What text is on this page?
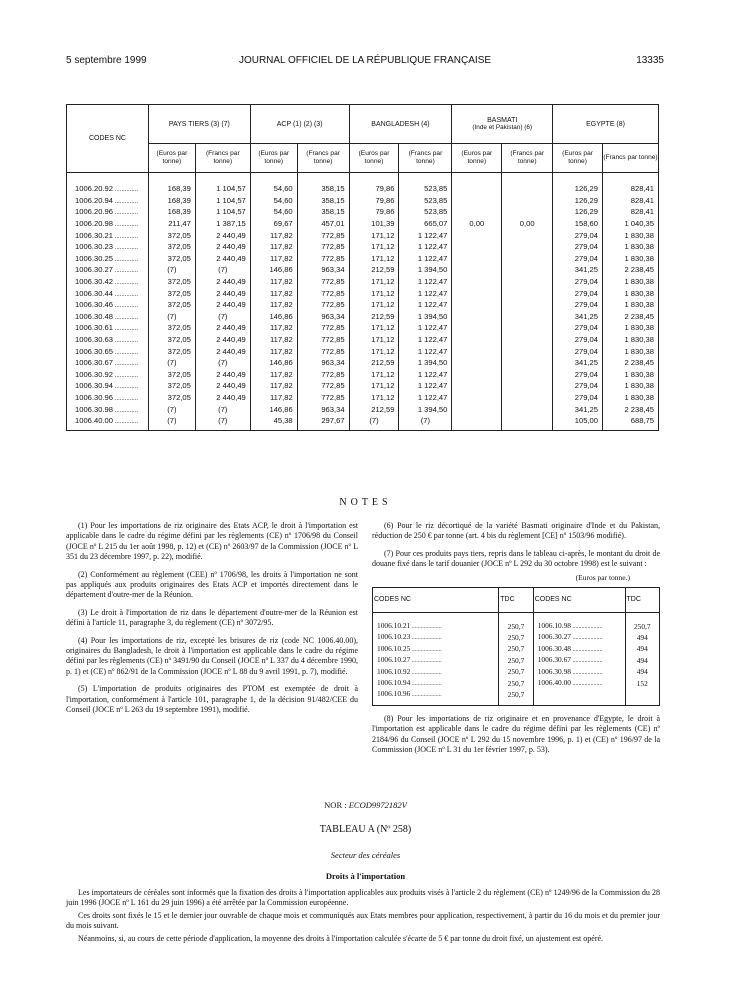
5 septembre 1999	JOURNAL OFFICIEL DE LA RÉPUBLIQUE FRANÇAISE	13335
CODES NC	PAYS TIERS (3) (7)		ACP (1) (2) (3)		BANGLADESH (4)		BASMATI
(Inde et Pakistan) (6)		EGYPTE (8)	
	(Euros par tonne)	(Francs par tonne)	(Euros par tonne)	(Francs par tonne)	(Euros par tonne)	(Francs par tonne)	(Euros par tonne)	(Francs par tonne)	(Euros par tonne)	(Francs par tonne)
1006.20.92 ..............	168,39	1 104,57	54,60	358,15	79,86	523,85			126,29	828,41
1006.20.94 ..............	168,39	1 104,57	54,60	358,15	79,86	523,85			126,29	828,41
1006.20.96 ..............	168,39	1 104,57	54,60	358,15	79,86	523,85			126,29	828,41
1006.20.98 ..............	211,47	1 387,15	69,67	457,01	101,39	665,07	0,00	0,00	158,60	1 040,35
1006.30.21 ..............	372,05	2 440,49	117,82	772,85	171,12	1 122,47			279,04	1 830,38
1006.30.23 ..............	372,05	2 440,49	117,82	772,85	171,12	1 122,47			279,04	1 830,38
1006.30.25 ..............	372,05	2 440,49	117,82	772,85	171,12	1 122,47			279,04	1 830,38
1006.30.27 ..............	(7)	(7)	146,86	963,34	212,59	1 394,50			341,25	2 238,45
1006.30.42 ..............	372,05	2 440,49	117,82	772,85	171,12	1 122,47			279,04	1 830,38
1006.30.44 ..............	372,05	2 440,49	117,82	772,85	171,12	1 122,47			279,04	1 830,38
1006.30.46 ..............	372,05	2 440,49	117,82	772,85	171,12	1 122,47			279,04	1 830,38
1006.30.48 ..............	(7)	(7)	146,86	963,34	212,59	1 394,50			341,25	2 238,45
1006.30.61 ..............	372,05	2 440,49	117,82	772,85	171,12	1 122,47			279,04	1 830,38
1006.30.63 ..............	372,05	2 440,49	117,82	772,85	171,12	1 122,47			279,04	1 830,38
1006.30.65 ..............	372,05	2 440,49	117,82	772,85	171,12	1 122,47			279,04	1 830,38
1006.30.67 ..............	(7)	(7)	146,86	963,34	212,59	1 394,50			341,25	2 238,45
1006.30.92 ..............	372,05	2 440,49	117,82	772,85	171,12	1 122,47			279,04	1 830,38
1006.30.94 ..............	372,05	2 440,49	117,82	772,85	171,12	1 122,47			279,04	1 830,38
1006.30.96 ..............	372,05	2 440,49	117,82	772,85	171,12	1 122,47			279,04	1 830,38
1006.30.98 ..............	(7)	(7)	146,86	963,34	212,59	1 394,50			341,25	2 238,45
1006.40.00 ..............	(7)	(7)	45,38	297,67	(7)	(7)			105,00	688,75
NOTES

(1) Pour les importations de riz originaire des Etats ACP, le droit à l'importation est applicable dans le cadre du régime défini par les règlements (CE) nº 1706/98 du Conseil (JOCE nº L 215 du 1er août 1998, p. 12) et (CE) nº 2603/97 de la Commission (JOCE nº L 351 du 23 décembre 1997, p. 22), modifié.

(2) Conformément au règlement (CEE) nº 1706/98, les droits à l'importation ne sont pas appliqués aux produits originaires des Etats ACP et importés directement dans le département d'outre-mer de la Réunion.

(3) Le droit à l'importation de riz dans le département d'outre-mer de la Réunion est défini à l'article 11, paragraphe 3, du règlement (CE) nº 3072/95.

(4) Pour les importations de riz, excepté les brisures de riz (code NC 1006.40.00), originaires du Bangladesh, le droit à l'importation est applicable dans le cadre du régime défini par les règlements (CE) nº 3491/90 du Conseil (JOCE nº L 337 du 4 décembre 1990, p. 1) et (CE) nº 862/91 de la Commission (JOCE nº L 88 du 9 avril 1991, p. 7), modifié.

(5) L'importation de produits originaires des PTOM est exemptée de droit à l'importation, conformément à l'article 101, paragraphe 1, de la décision 91/482/CEE du Conseil (JOCE nº L 263 du 19 septembre 1991), modifié.

(6) Pour le riz décortiqué de la variété Basmati originaire d'Inde et du Pakistan, réduction de 250 € par tonne (art. 4 bis du règlement [CE] nº 1503/96 modifié).

(7) Pour ces produits pays tiers, repris dans le tableau ci-après, le montant du droit de douane fixé dans le tarif douanier (JOCE nº L 292 du 30 octobre 1998) est le suivant :

(Euros par tonne.)
CODES NC	TDC	CODES NC	TDC
1006.10.21 ....................	250,7	1006.10.98 ....................	250,7
1006.10.23 ....................	250,7	1006.30.27 ....................	494
1006.10.25 ....................	250,7	1006.30.48 ....................	494
1006.10.27 ....................	250,7	1006.30.67 ....................	494
1006.10.92 ....................	250,7	1006.30.98 ....................	494
1006.10.94 ....................	250,7	1006.40.00 ....................	152
1006.10.96 ....................	250,7		

(8) Pour les importations de riz originaire et en provenance d'Egypte, le droit à l'importation est applicable dans le cadre du régime défini par les règlements (CE) nº 2184/96 du Conseil (JOCE nº L 292 du 15 novembre 1996, p. 1) et (CE) nº 196/97 de la Commission (JOCE nº L 31 du 1er février 1997, p. 53).

NOR : ECOD9972182V
TABLEAU A (Nº 258)
Secteur des céréales
Droits à l'importation

Les importateurs de céréales sont informés que la fixation des droits à l'importation applicables aux produits visés à l'article 2 du règlement (CE) nº 1249/96 de la Commission du 28 juin 1996 (JOCE nº L 161 du 29 juin 1996) a été arrêtée par la Commission européenne.

Ces droits sont fixés le 15 et le dernier jour ouvrable de chaque mois et communiqués aux Etats membres pour application, respectivement, à partir du 16 du mois et du premier jour du mois suivant.

Néanmoins, si, au cours de cette période d'application, la moyenne des droits à l'importation calculée s'écarte de 5 € par tonne du droit fixé, un ajustement est opéré.
